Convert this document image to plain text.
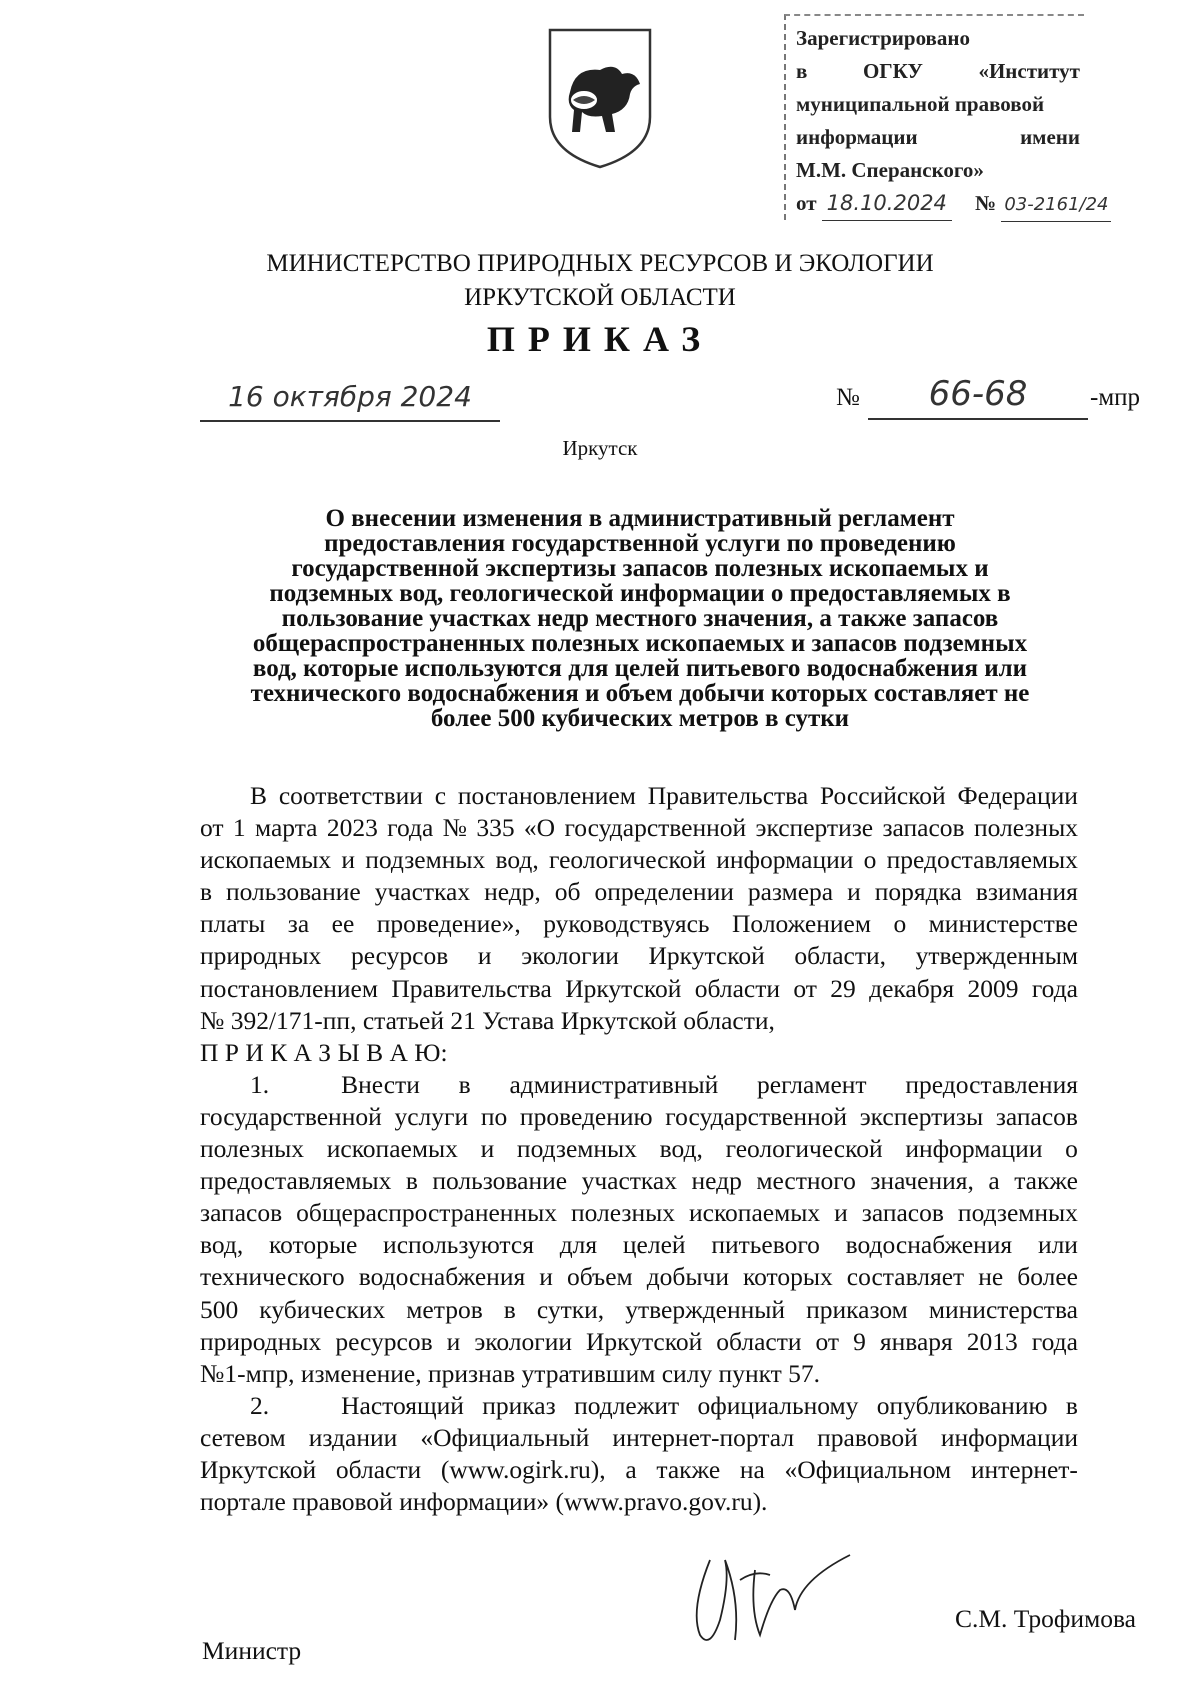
Зарегистрировано
в	ОГКУ	«Институт
муниципальной правовой
информации	имени
М.М. Сперанского»
от 18.10.2024 № 03-2161/24
МИНИСТЕРСТВО ПРИРОДНЫХ РЕСУРСОВ И ЭКОЛОГИИ
ИРКУТСКОЙ ОБЛАСТИ
ПРИКАЗ
16 октября 2024	№	66-68	-мпр
Иркутск
О внесении изменения в административный регламент
предоставления государственной услуги по проведению
государственной экспертизы запасов полезных ископаемых и
подземных вод, геологической информации о предоставляемых в
пользование участках недр местного значения, а также запасов
общераспространенных полезных ископаемых и запасов подземных
вод, которые используются для целей питьевого водоснабжения или
технического водоснабжения и объем добычи которых составляет не
более 500 кубических метров в сутки
В соответствии с постановлением Правительства Российской Федерации
от 1 марта 2023 года № 335 «О государственной экспертизе запасов полезных
ископаемых и подземных вод, геологической информации о предоставляемых
в пользование участках недр, об определении размера и порядка взимания
платы за ее проведение», руководствуясь Положением о министерстве
природных ресурсов и экологии Иркутской области, утвержденным
постановлением Правительства Иркутской области от 29 декабря 2009 года
№ 392/171-пп, статьей 21 Устава Иркутской области,
П Р И К А З Ы В А Ю:
1.	Внести в административный регламент предоставления
государственной услуги по проведению государственной экспертизы запасов
полезных ископаемых и подземных вод, геологической информации о
предоставляемых в пользование участках недр местного значения, а также
запасов общераспространенных полезных ископаемых и запасов подземных
вод, которые используются для целей питьевого водоснабжения или
технического водоснабжения и объем добычи которых составляет не более
500 кубических метров в сутки, утвержденный приказом министерства
природных ресурсов и экологии Иркутской области от 9 января 2013 года
№1-мпр, изменение, признав утратившим силу пункт 57.
2.	Настоящий приказ подлежит официальному опубликованию в
сетевом издании «Официальный интернет-портал правовой информации
Иркутской области (www.ogirk.ru), а также на «Официальном интернет-
портале правовой информации» (www.pravo.gov.ru).
Министр
С.М. Трофимова
